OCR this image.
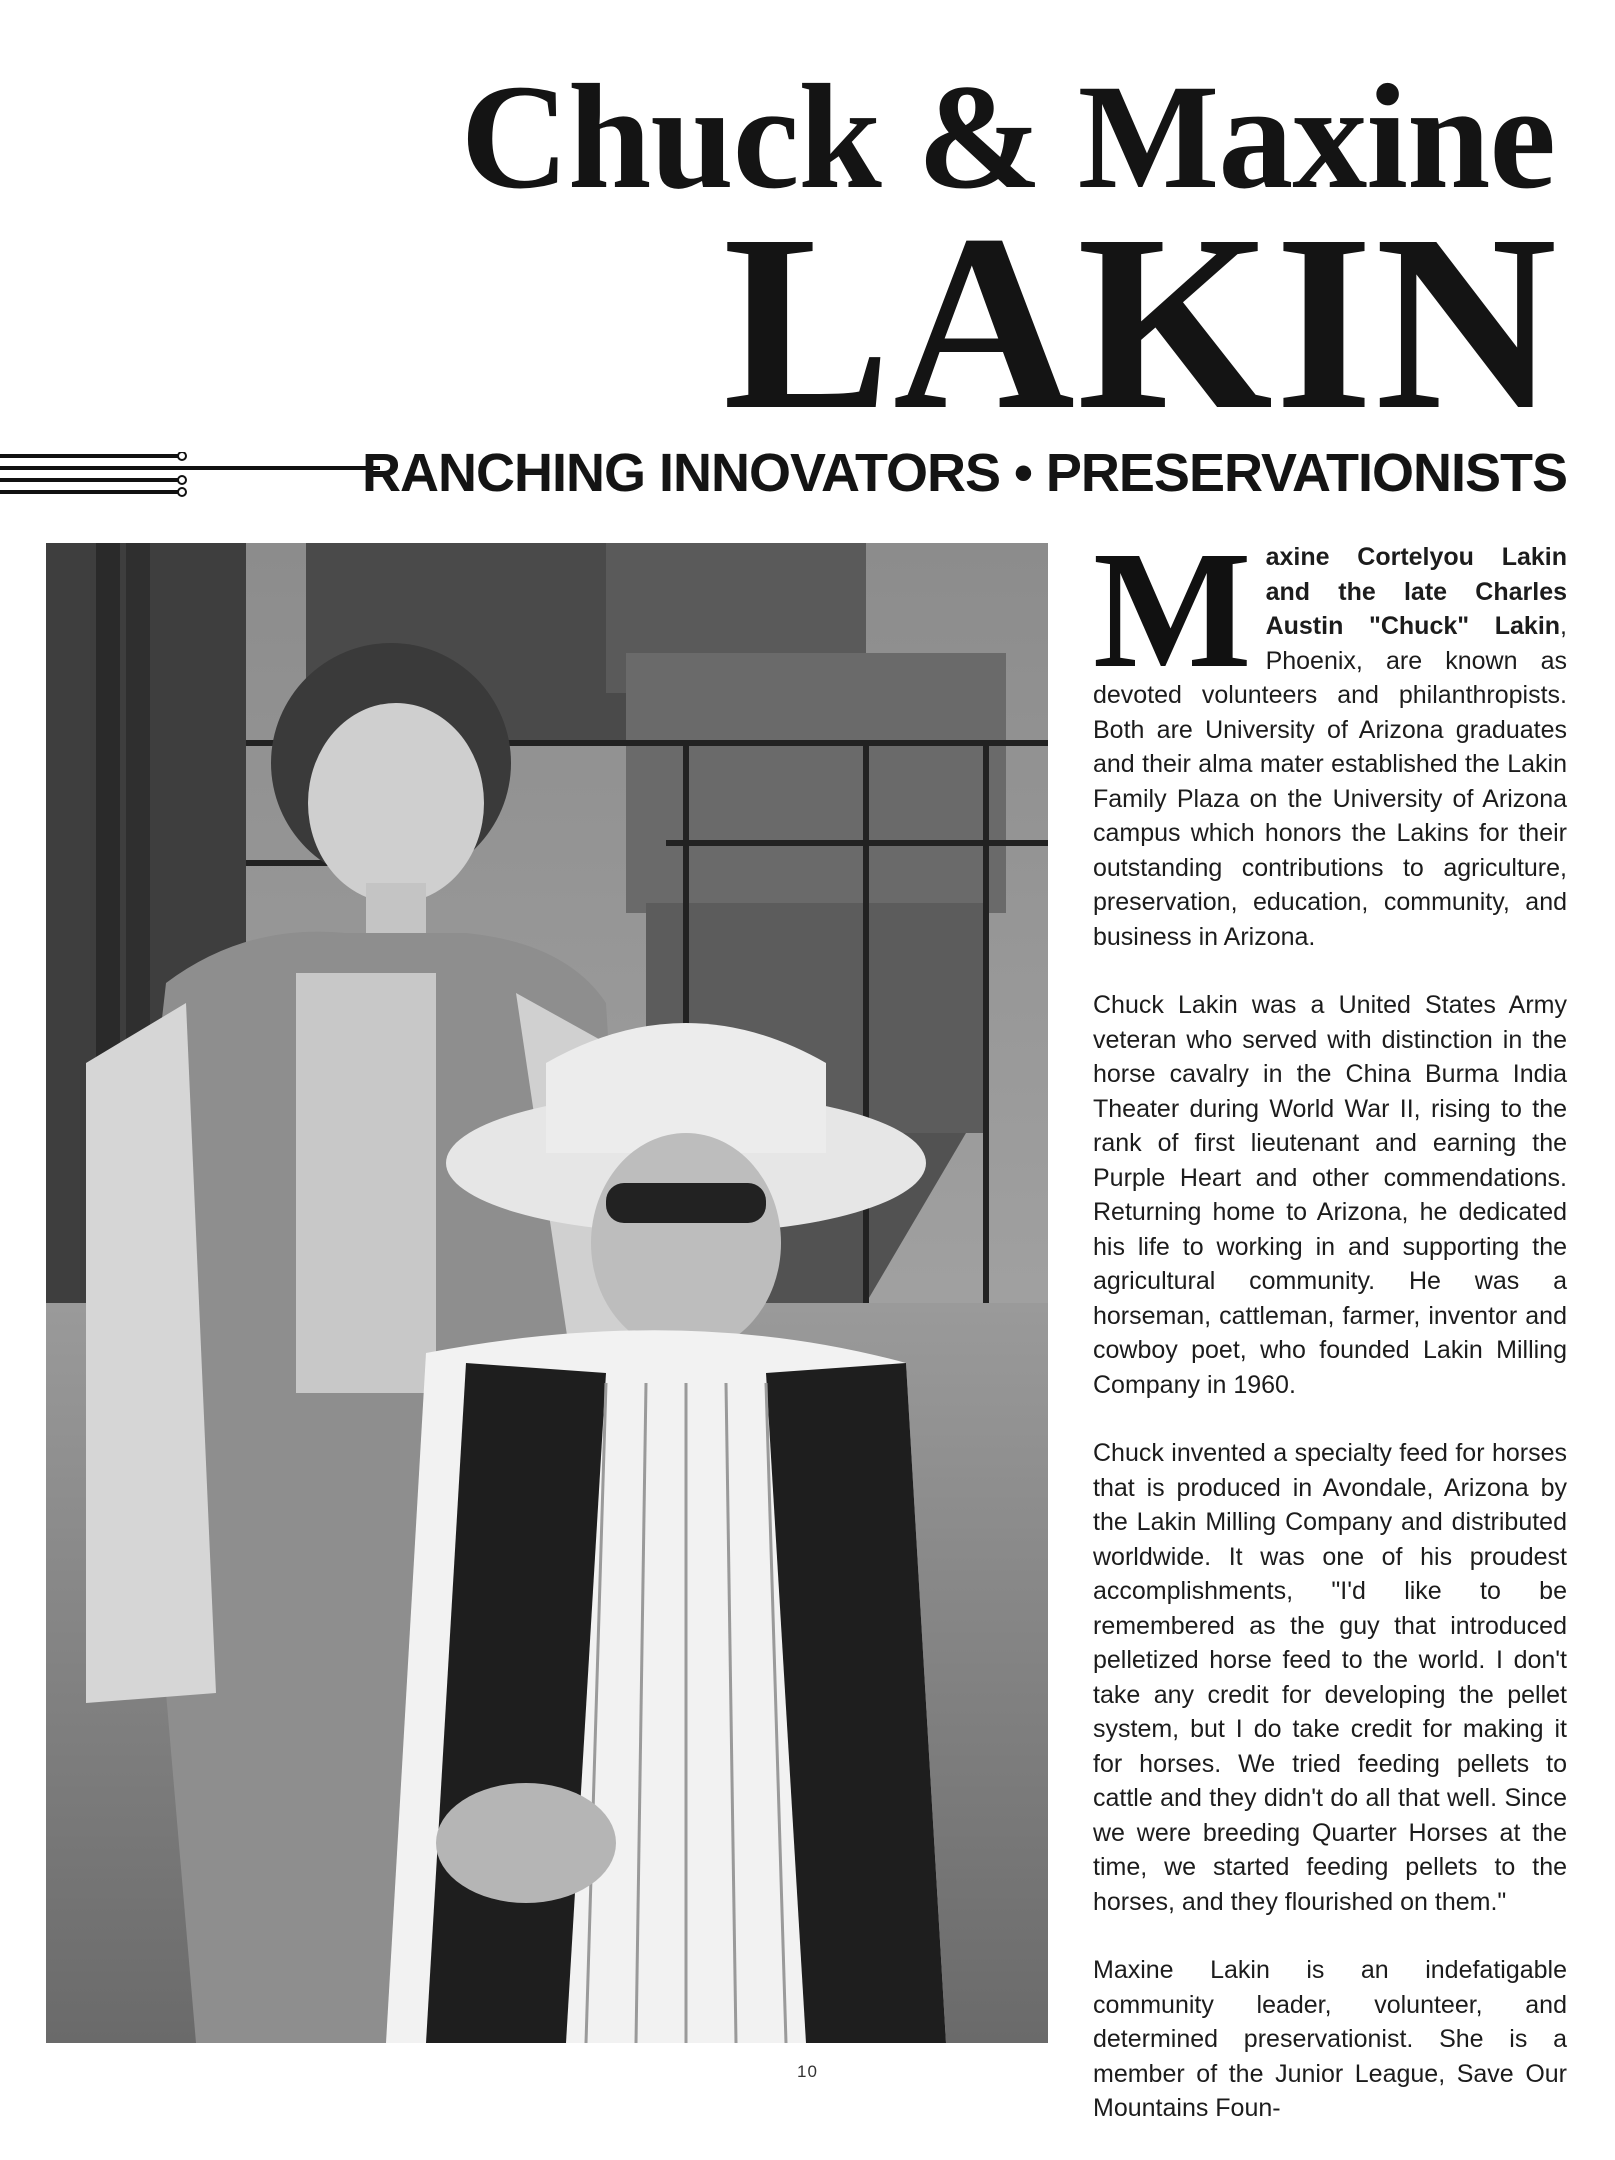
Chuck & Maxine
LAKIN
RANCHING INNOVATORS • PRESERVATIONISTS

Maxine Cortelyou Lakin and the late Charles Austin "Chuck" Lakin, Phoenix, are known as devoted volunteers and philanthropists. Both are University of Arizona graduates and their alma mater established the Lakin Family Plaza on the University of Arizona campus which honors the Lakins for their outstanding contributions to agriculture, preservation, education, community, and business in Arizona.

Chuck Lakin was a United States Army veteran who served with distinction in the horse cavalry in the China Burma India Theater during World War II, rising to the rank of first lieutenant and earning the Purple Heart and other commendations. Returning home to Arizona, he dedicated his life to working in and supporting the agricultural community. He was a horseman, cattleman, farmer, inventor and cowboy poet, who founded Lakin Milling Company in 1960.

Chuck invented a specialty feed for horses that is produced in Avondale, Arizona by the Lakin Milling Company and distributed worldwide. It was one of his proudest accomplishments, "I'd like to be remembered as the guy that introduced pelletized horse feed to the world. I don't take any credit for developing the pellet system, but I do take credit for making it for horses. We tried feeding pellets to cattle and they didn't do all that well. Since we were breeding Quarter Horses at the time, we started feeding pellets to the horses, and they flourished on them."

Maxine Lakin is an indefatigable community leader, volunteer, and determined preservationist. She is a member of the Junior League, Save Our Mountains Foun-

10
